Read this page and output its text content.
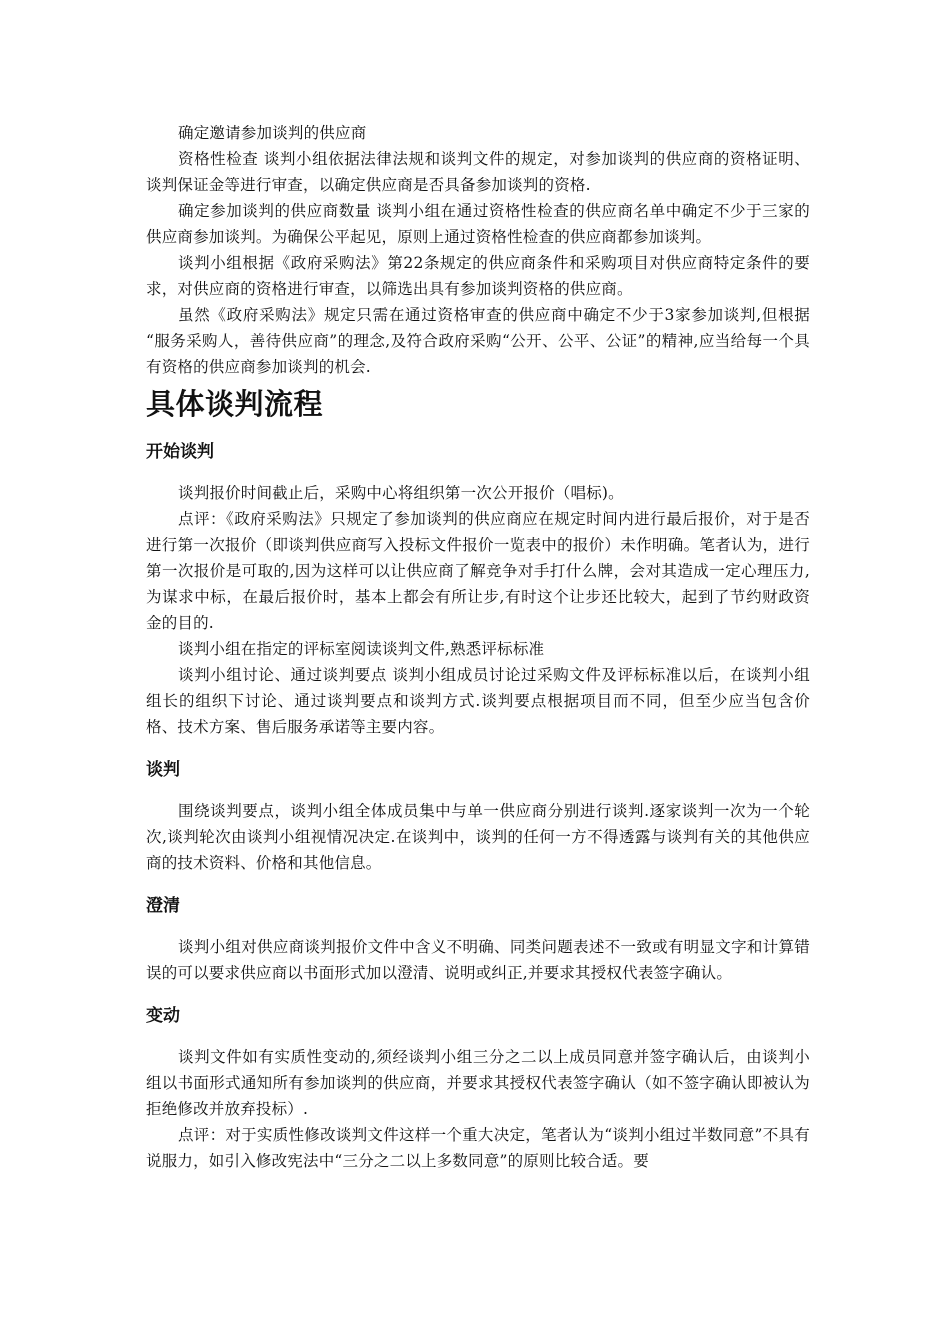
确定邀请参加谈判的供应商

资格性检查 谈判小组依据法律法规和谈判文件的规定，对参加谈判的供应商的资格证明、谈判保证金等进行审查，以确定供应商是否具备参加谈判的资格.

确定参加谈判的供应商数量 谈判小组在通过资格性检查的供应商名单中确定不少于三家的供应商参加谈判。为确保公平起见，原则上通过资格性检查的供应商都参加谈判。

谈判小组根据《政府采购法》第22条规定的供应商条件和采购项目对供应商特定条件的要求，对供应商的资格进行审查，以筛选出具有参加谈判资格的供应商。

虽然《政府采购法》规定只需在通过资格审查的供应商中确定不少于3家参加谈判,但根据 “服务采购人，善待供应商”的理念,及符合政府采购“公开、公平、公证”的精神,应当给每一个具有资格的供应商参加谈判的机会.

具体谈判流程
开始谈判

谈判报价时间截止后，采购中心将组织第一次公开报价（唱标)。

点评：《政府采购法》只规定了参加谈判的供应商应在规定时间内进行最后报价，对于是否进行第一次报价（即谈判供应商写入投标文件报价一览表中的报价）未作明确。笔者认为，进行第一次报价是可取的,因为这样可以让供应商了解竞争对手打什么牌，会对其造成一定心理压力,为谋求中标，在最后报价时，基本上都会有所让步,有时这个让步还比较大，起到了节约财政资金的目的.

谈判小组在指定的评标室阅读谈判文件,熟悉评标标准

谈判小组讨论、通过谈判要点 谈判小组成员讨论过采购文件及评标标准以后，在谈判小组组长的组织下讨论、通过谈判要点和谈判方式.谈判要点根据项目而不同，但至少应当包含价格、技术方案、售后服务承诺等主要内容。

谈判

围绕谈判要点，谈判小组全体成员集中与单一供应商分别进行谈判.逐家谈判一次为一个轮次,谈判轮次由谈判小组视情况决定.在谈判中，谈判的任何一方不得透露与谈判有关的其他供应商的技术资料、价格和其他信息。

澄清

谈判小组对供应商谈判报价文件中含义不明确、同类问题表述不一致或有明显文字和计算错误的可以要求供应商以书面形式加以澄清、说明或纠正,并要求其授权代表签字确认。

变动

谈判文件如有实质性变动的,须经谈判小组三分之二以上成员同意并签字确认后，由谈判小组以书面形式通知所有参加谈判的供应商，并要求其授权代表签字确认（如不签字确认即被认为拒绝修改并放弃投标）.

点评：对于实质性修改谈判文件这样一个重大决定，笔者认为“谈判小组过半数同意”不具有说服力，如引入修改宪法中“三分之二以上多数同意”的原则比较合适。要
